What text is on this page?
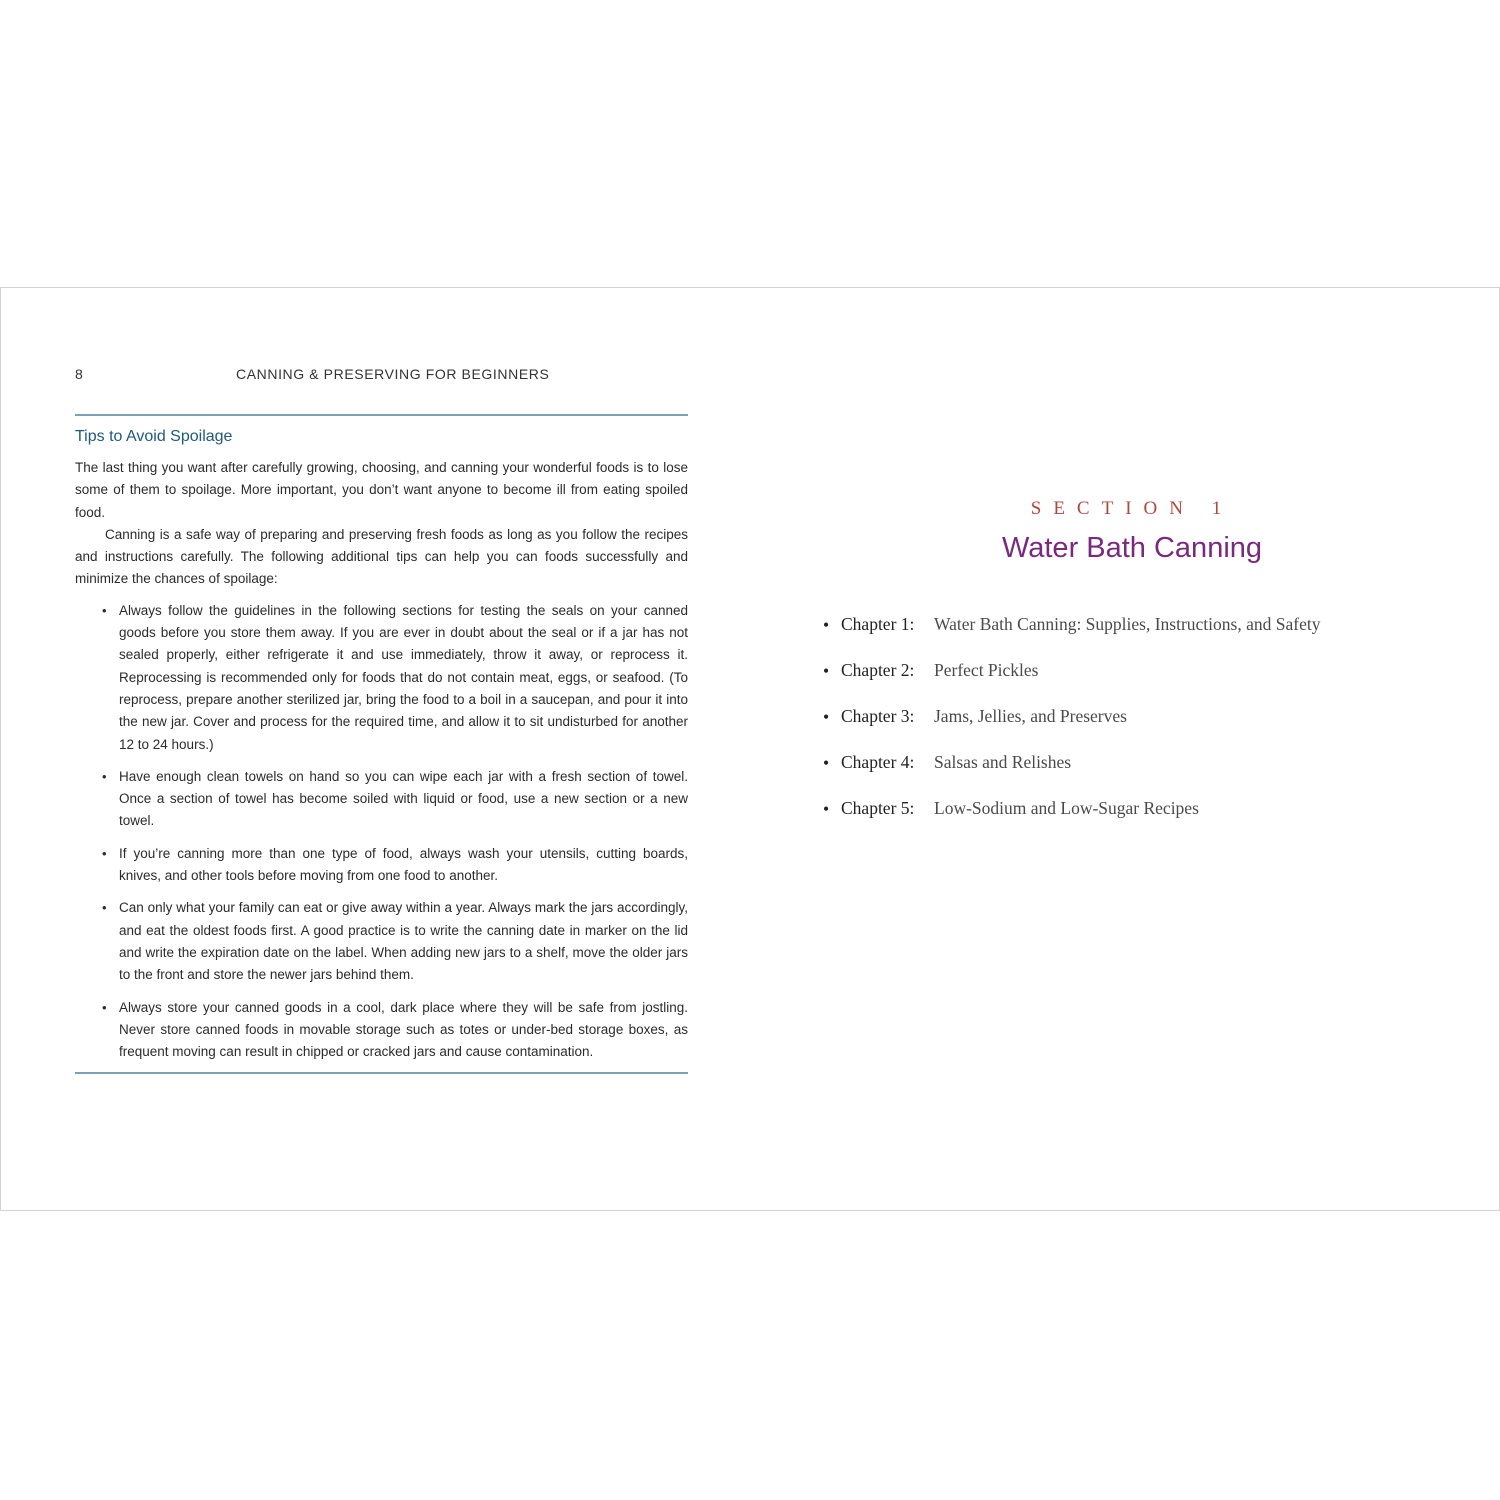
8	CANNING & PRESERVING FOR BEGINNERS
Tips to Avoid Spoilage

The last thing you want after carefully growing, choosing, and canning your wonderful foods is to lose some of them to spoilage. More important, you don’t want anyone to become ill from eating spoiled food.

Canning is a safe way of preparing and preserving fresh foods as long as you follow the recipes and instructions carefully. The following additional tips can help you can foods successfully and minimize the chances of spoilage:

• Always follow the guidelines in the following sections for testing the seals on your canned goods before you store them away. If you are ever in doubt about the seal or if a jar has not sealed properly, either refrigerate it and use immediately, throw it away, or reprocess it. Reprocessing is recommended only for foods that do not contain meat, eggs, or seafood. (To reprocess, prepare another sterilized jar, bring the food to a boil in a saucepan, and pour it into the new jar. Cover and process for the required time, and allow it to sit undisturbed for another 12 to 24 hours.)
• Have enough clean towels on hand so you can wipe each jar with a fresh section of towel. Once a section of towel has become soiled with liquid or food, use a new section or a new towel.
• If you’re canning more than one type of food, always wash your utensils, cutting boards, knives, and other tools before moving from one food to another.
• Can only what your family can eat or give away within a year. Always mark the jars accordingly, and eat the oldest foods first. A good practice is to write the canning date in marker on the lid and write the expiration date on the label. When adding new jars to a shelf, move the older jars to the front and store the newer jars behind them.
• Always store your canned goods in a cool, dark place where they will be safe from jostling. Never store canned foods in movable storage such as totes or under-bed storage boxes, as frequent moving can result in chipped or cracked jars and cause contamination.
SECTION 1
Water Bath Canning
• Chapter 1: Water Bath Canning: Supplies, Instructions, and Safety
• Chapter 2: Perfect Pickles
• Chapter 3: Jams, Jellies, and Preserves
• Chapter 4: Salsas and Relishes
• Chapter 5: Low-Sodium and Low-Sugar Recipes
